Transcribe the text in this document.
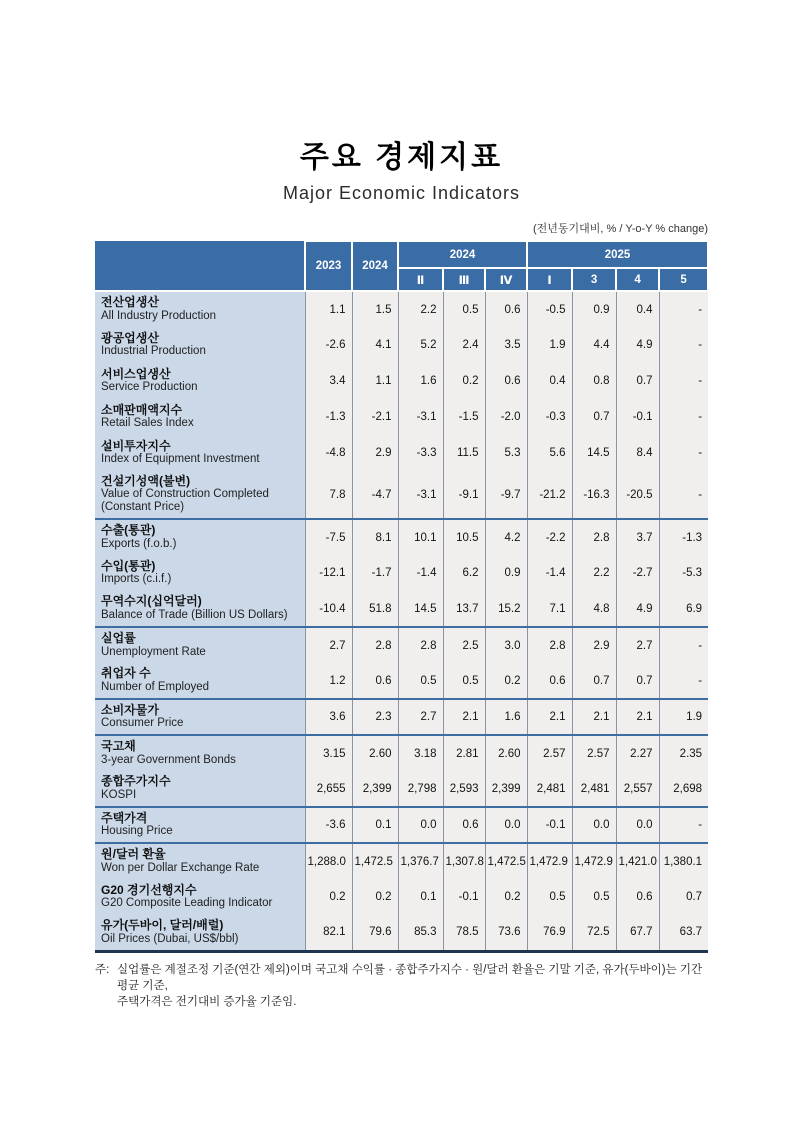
주요 경제지표
Major Economic Indicators
(전년동기대비, % / Y-o-Y % change)
	2023	2024	2024			2025			
			Ⅱ	Ⅲ	Ⅳ	Ⅰ	3	4	5

전산업생산
All Industry Production	1.1	1.5	2.2	0.5	0.6	-0.5	0.9	0.4	-

광공업생산
Industrial Production	-2.6	4.1	5.2	2.4	3.5	1.9	4.4	4.9	-

서비스업생산
Service Production	3.4	1.1	1.6	0.2	0.6	0.4	0.8	0.7	-

소매판매액지수
Retail Sales Index	-1.3	-2.1	-3.1	-1.5	-2.0	-0.3	0.7	-0.1	-

설비투자지수
Index of Equipment Investment	-4.8	2.9	-3.3	11.5	5.3	5.6	14.5	8.4	-

건설기성액(불변)
Value of Construction Completed (Constant Price)	7.8	-4.7	-3.1	-9.1	-9.7	-21.2	-16.3	-20.5	-

수출(통관)
Exports (f.o.b.)	-7.5	8.1	10.1	10.5	4.2	-2.2	2.8	3.7	-1.3

수입(통관)
Imports (c.i.f.)	-12.1	-1.7	-1.4	6.2	0.9	-1.4	2.2	-2.7	-5.3

무역수지(십억달러)
Balance of Trade (Billion US Dollars)	-10.4	51.8	14.5	13.7	15.2	7.1	4.8	4.9	6.9

실업률
Unemployment Rate	2.7	2.8	2.8	2.5	3.0	2.8	2.9	2.7	-

취업자 수
Number of Employed	1.2	0.6	0.5	0.5	0.2	0.6	0.7	0.7	-

소비자물가
Consumer Price	3.6	2.3	2.7	2.1	1.6	2.1	2.1	2.1	1.9

국고채
3-year Government Bonds	3.15	2.60	3.18	2.81	2.60	2.57	2.57	2.27	2.35

종합주가지수
KOSPI	2,655	2,399	2,798	2,593	2,399	2,481	2,481	2,557	2,698

주택가격
Housing Price	-3.6	0.1	0.0	0.6	0.0	-0.1	0.0	0.0	-

원/달러 환율
Won per Dollar Exchange Rate	1,288.0	1,472.5	1,376.7	1,307.8	1,472.5	1,472.9	1,472.9	1,421.0	1,380.1

G20 경기선행지수
G20 Composite Leading Indicator	0.2	0.2	0.1	-0.1	0.2	0.5	0.5	0.6	0.7

유가(두바이, 달러/배럴)
Oil Prices (Dubai, US$/bbl)	82.1	79.6	85.3	78.5	73.6	76.9	72.5	67.7	63.7
주: 실업률은 계절조정 기준(연간 제외)이며 국고채 수익률 · 종합주가지수 · 원/달러 환율은 기말 기준, 유가(두바이)는 기간평균 기준,
주택가격은 전기대비 증가율 기준임.
